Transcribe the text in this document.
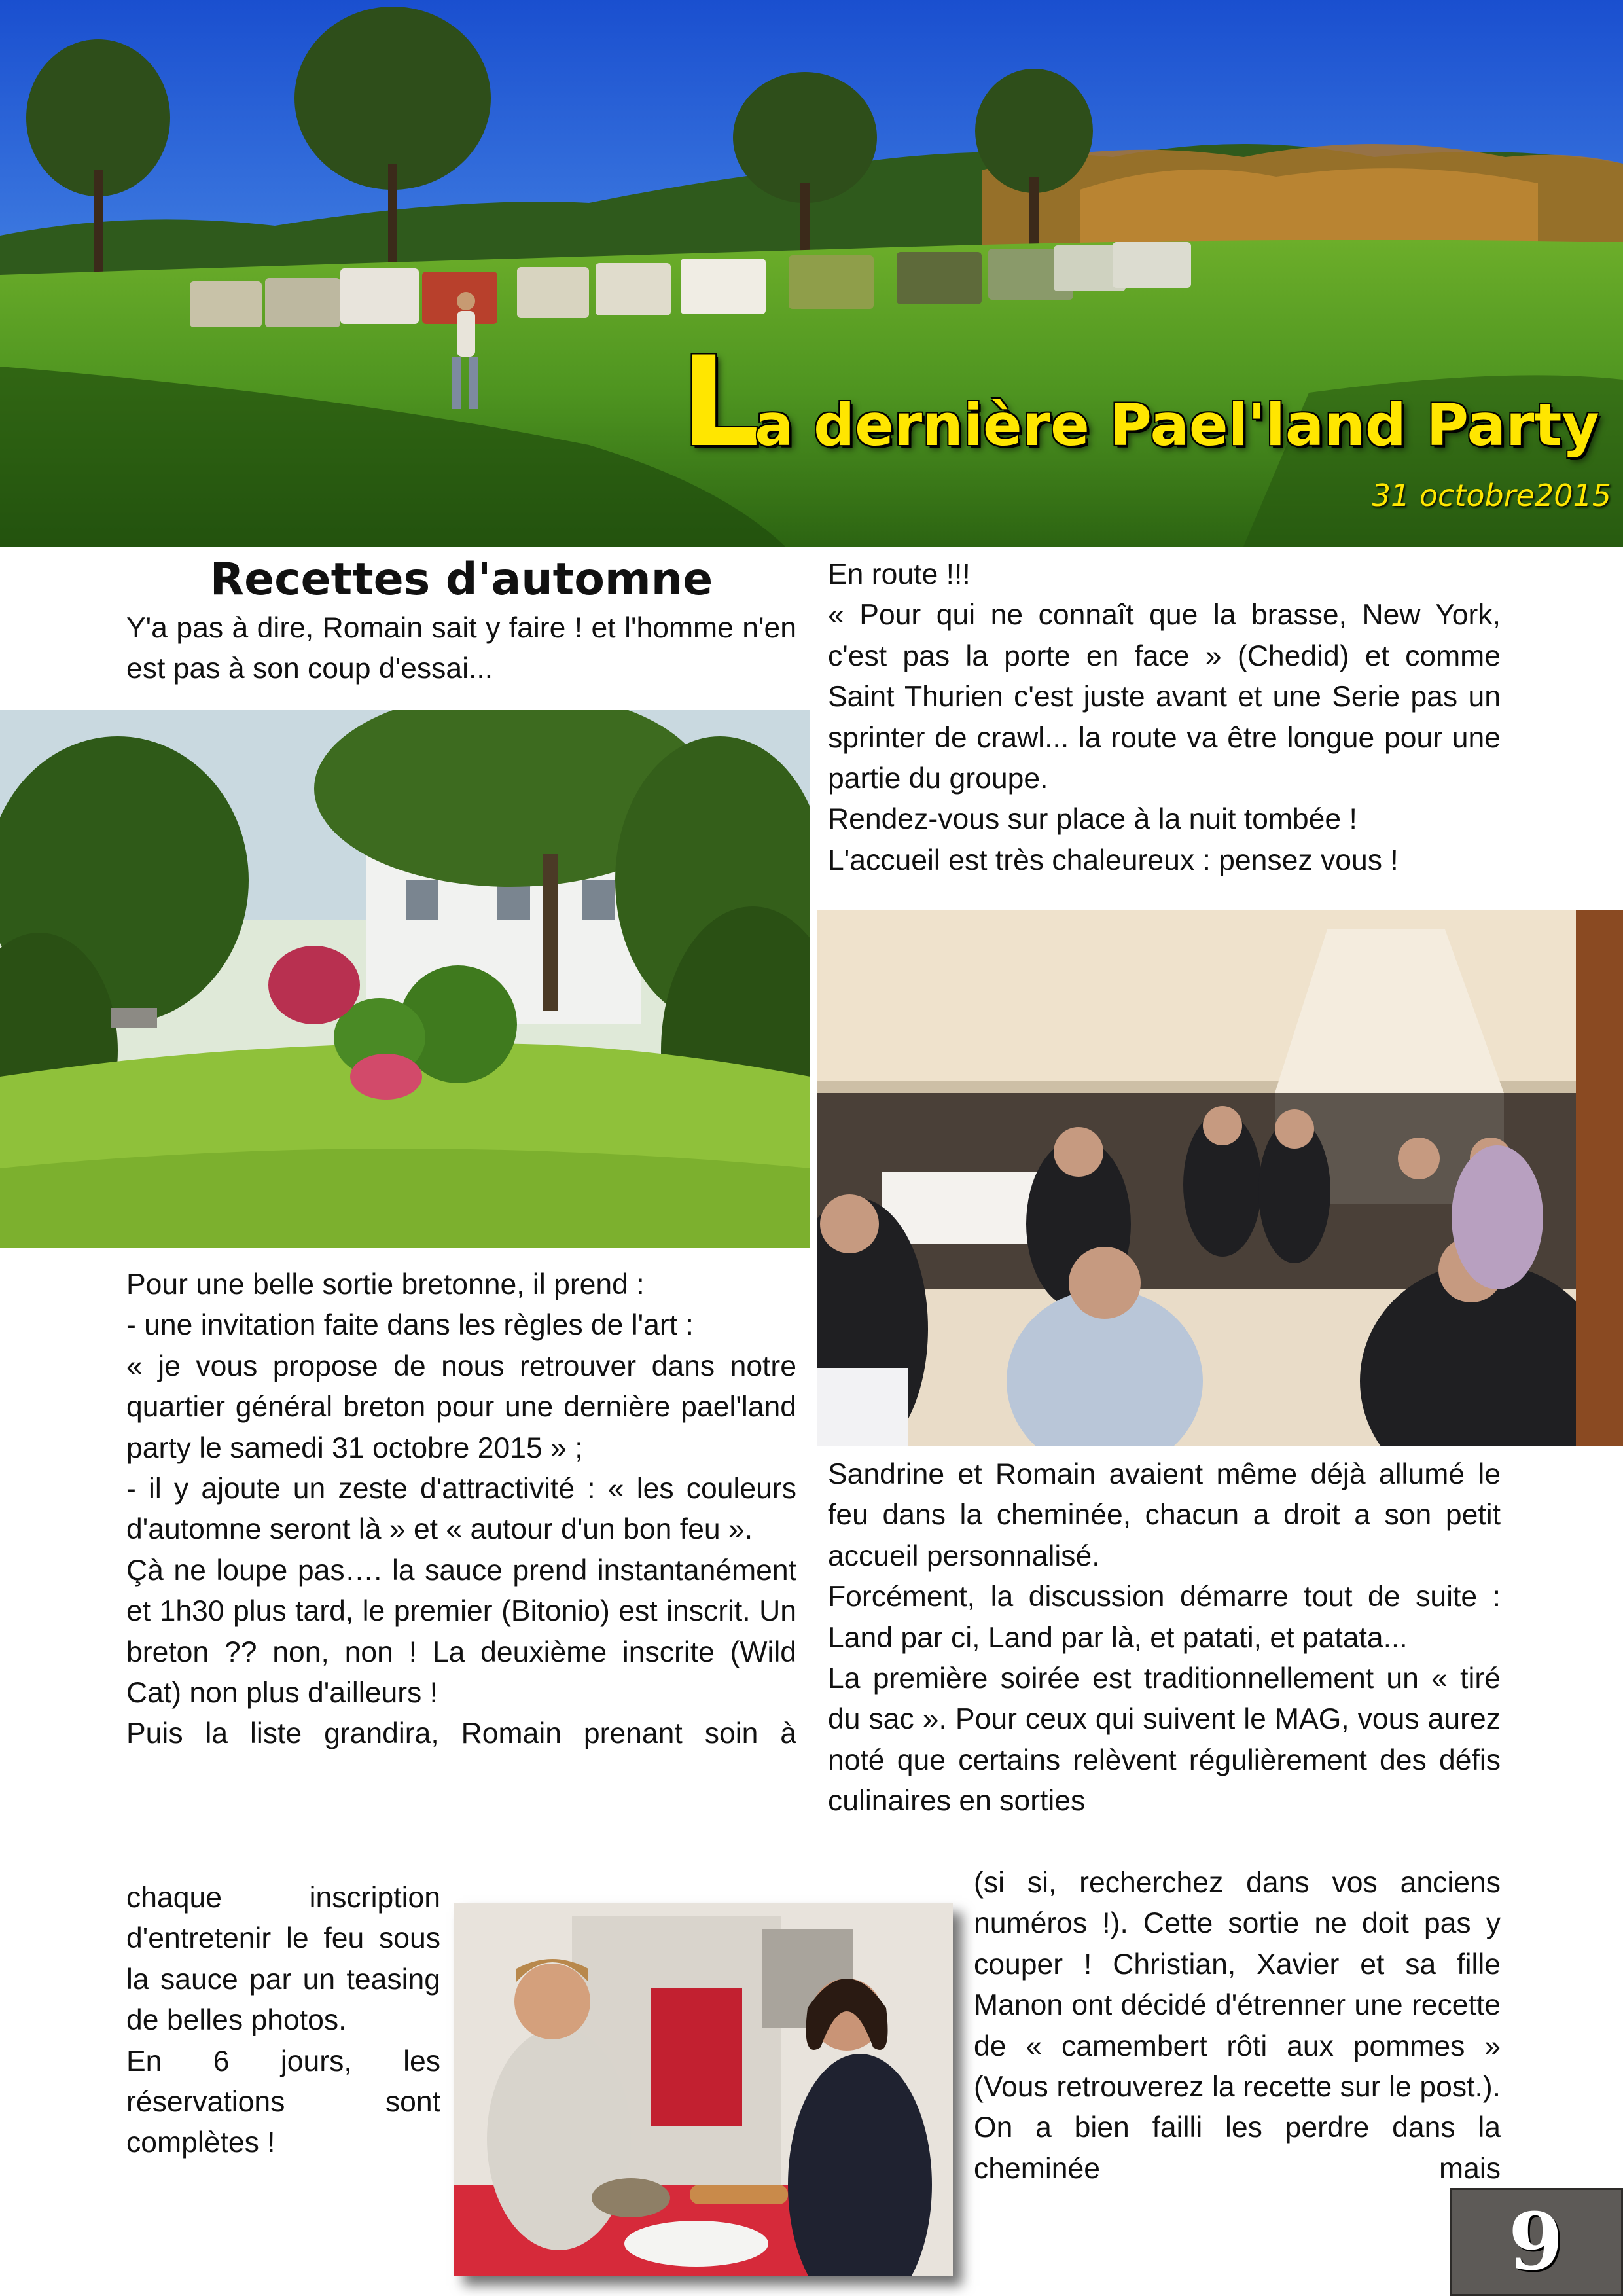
La dernière Pael'land Party
31 octobre2015
Recettes d'automne

Y'a pas à dire, Romain sait y faire ! et l'homme n'en est pas à son coup d'essai...

Pour une belle sortie bretonne, il prend :

- une invitation faite dans les règles de l'art :

« je vous propose de nous retrouver dans notre quartier général breton pour une dernière pael'land party le samedi 31 octobre 2015 » ;

- il y ajoute un zeste d'attractivité : « les couleurs d'automne seront là » et « autour d'un bon feu ».

Çà ne loupe pas…. la sauce prend instantanément et 1h30 plus tard, le premier (Bitonio) est inscrit. Un breton ?? non, non ! La deuxième inscrite (Wild Cat) non plus d'ailleurs !

Puis la liste grandira, Romain prenant soin à

chaque inscription d'entretenir le feu sous la sauce par un teasing de belles photos.

En 6 jours, les réservations sont complètes !

En route !!!

« Pour qui ne connaît que la brasse, New York, c'est pas la porte en face » (Chedid) et comme Saint Thurien c'est juste avant et une Serie pas un sprinter de crawl... la route va être longue pour une partie du groupe.

Rendez-vous sur place à la nuit tombée !

L'accueil est très chaleureux : pensez vous !

Sandrine et Romain avaient même déjà allumé le feu dans la cheminée, chacun a droit a son petit accueil personnalisé.

Forcément, la discussion démarre tout de suite : Land par ci, Land par là, et patati, et patata...

La première soirée est traditionnellement un « tiré du sac ». Pour ceux qui suivent le MAG, vous aurez noté que certains relèvent régulièrement des défis culinaires en sorties

(si si, recherchez dans vos anciens numéros !). Cette sortie ne doit pas y couper ! Christian, Xavier et sa fille Manon ont décidé d'étrenner une recette de « camembert rôti aux pommes » (Vous retrouverez la recette sur le post.). On a bien failli les perdre dans la cheminée mais

9
